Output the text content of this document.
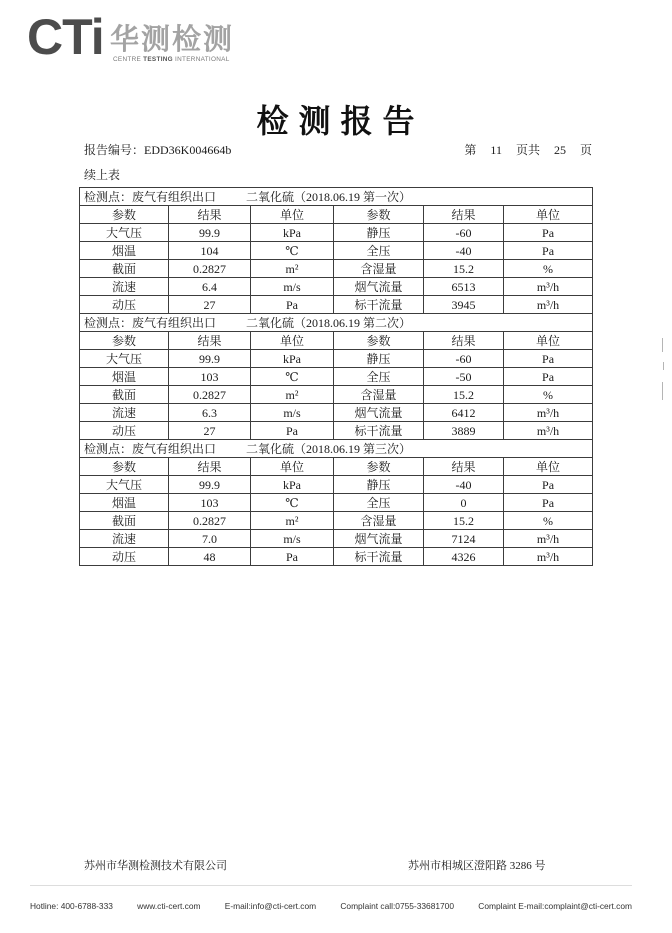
CTi 华测检测
CENTRE TESTING INTERNATIONAL
检 测 报 告
报告编号：EDD36K004664b	第 11 页共 25 页
续上表
检测点：废气有组织出口 二氧化硫（2018.06.19 第一次）					
参数	结果	单位	参数	结果	单位
大气压	99.9	kPa	静压	-60	Pa
烟温	104	℃	全压	-40	Pa
截面	0.2827	m²	含湿量	15.2	%
流速	6.4	m/s	烟气流量	6513	m³/h
动压	27	Pa	标干流量	3945	m³/h
检测点：废气有组织出口 二氧化硫（2018.06.19 第二次）					
参数	结果	单位	参数	结果	单位
大气压	99.9	kPa	静压	-60	Pa
烟温	103	℃	全压	-50	Pa
截面	0.2827	m²	含湿量	15.2	%
流速	6.3	m/s	烟气流量	6412	m³/h
动压	27	Pa	标干流量	3889	m³/h
检测点：废气有组织出口 二氧化硫（2018.06.19 第三次）					
参数	结果	单位	参数	结果	单位
大气压	99.9	kPa	静压	-40	Pa
烟温	103	℃	全压	0	Pa
截面	0.2827	m²	含湿量	15.2	%
流速	7.0	m/s	烟气流量	7124	m³/h
动压	48	Pa	标干流量	4326	m³/h
苏州市华测检测技术有限公司	苏州市相城区澄阳路 3286 号
Hotline: 400-6788-333	www.cti-cert.com	E-mail:info@cti-cert.com	Complaint call:0755-33681700	Complaint E-mail:complaint@cti-cert.com
